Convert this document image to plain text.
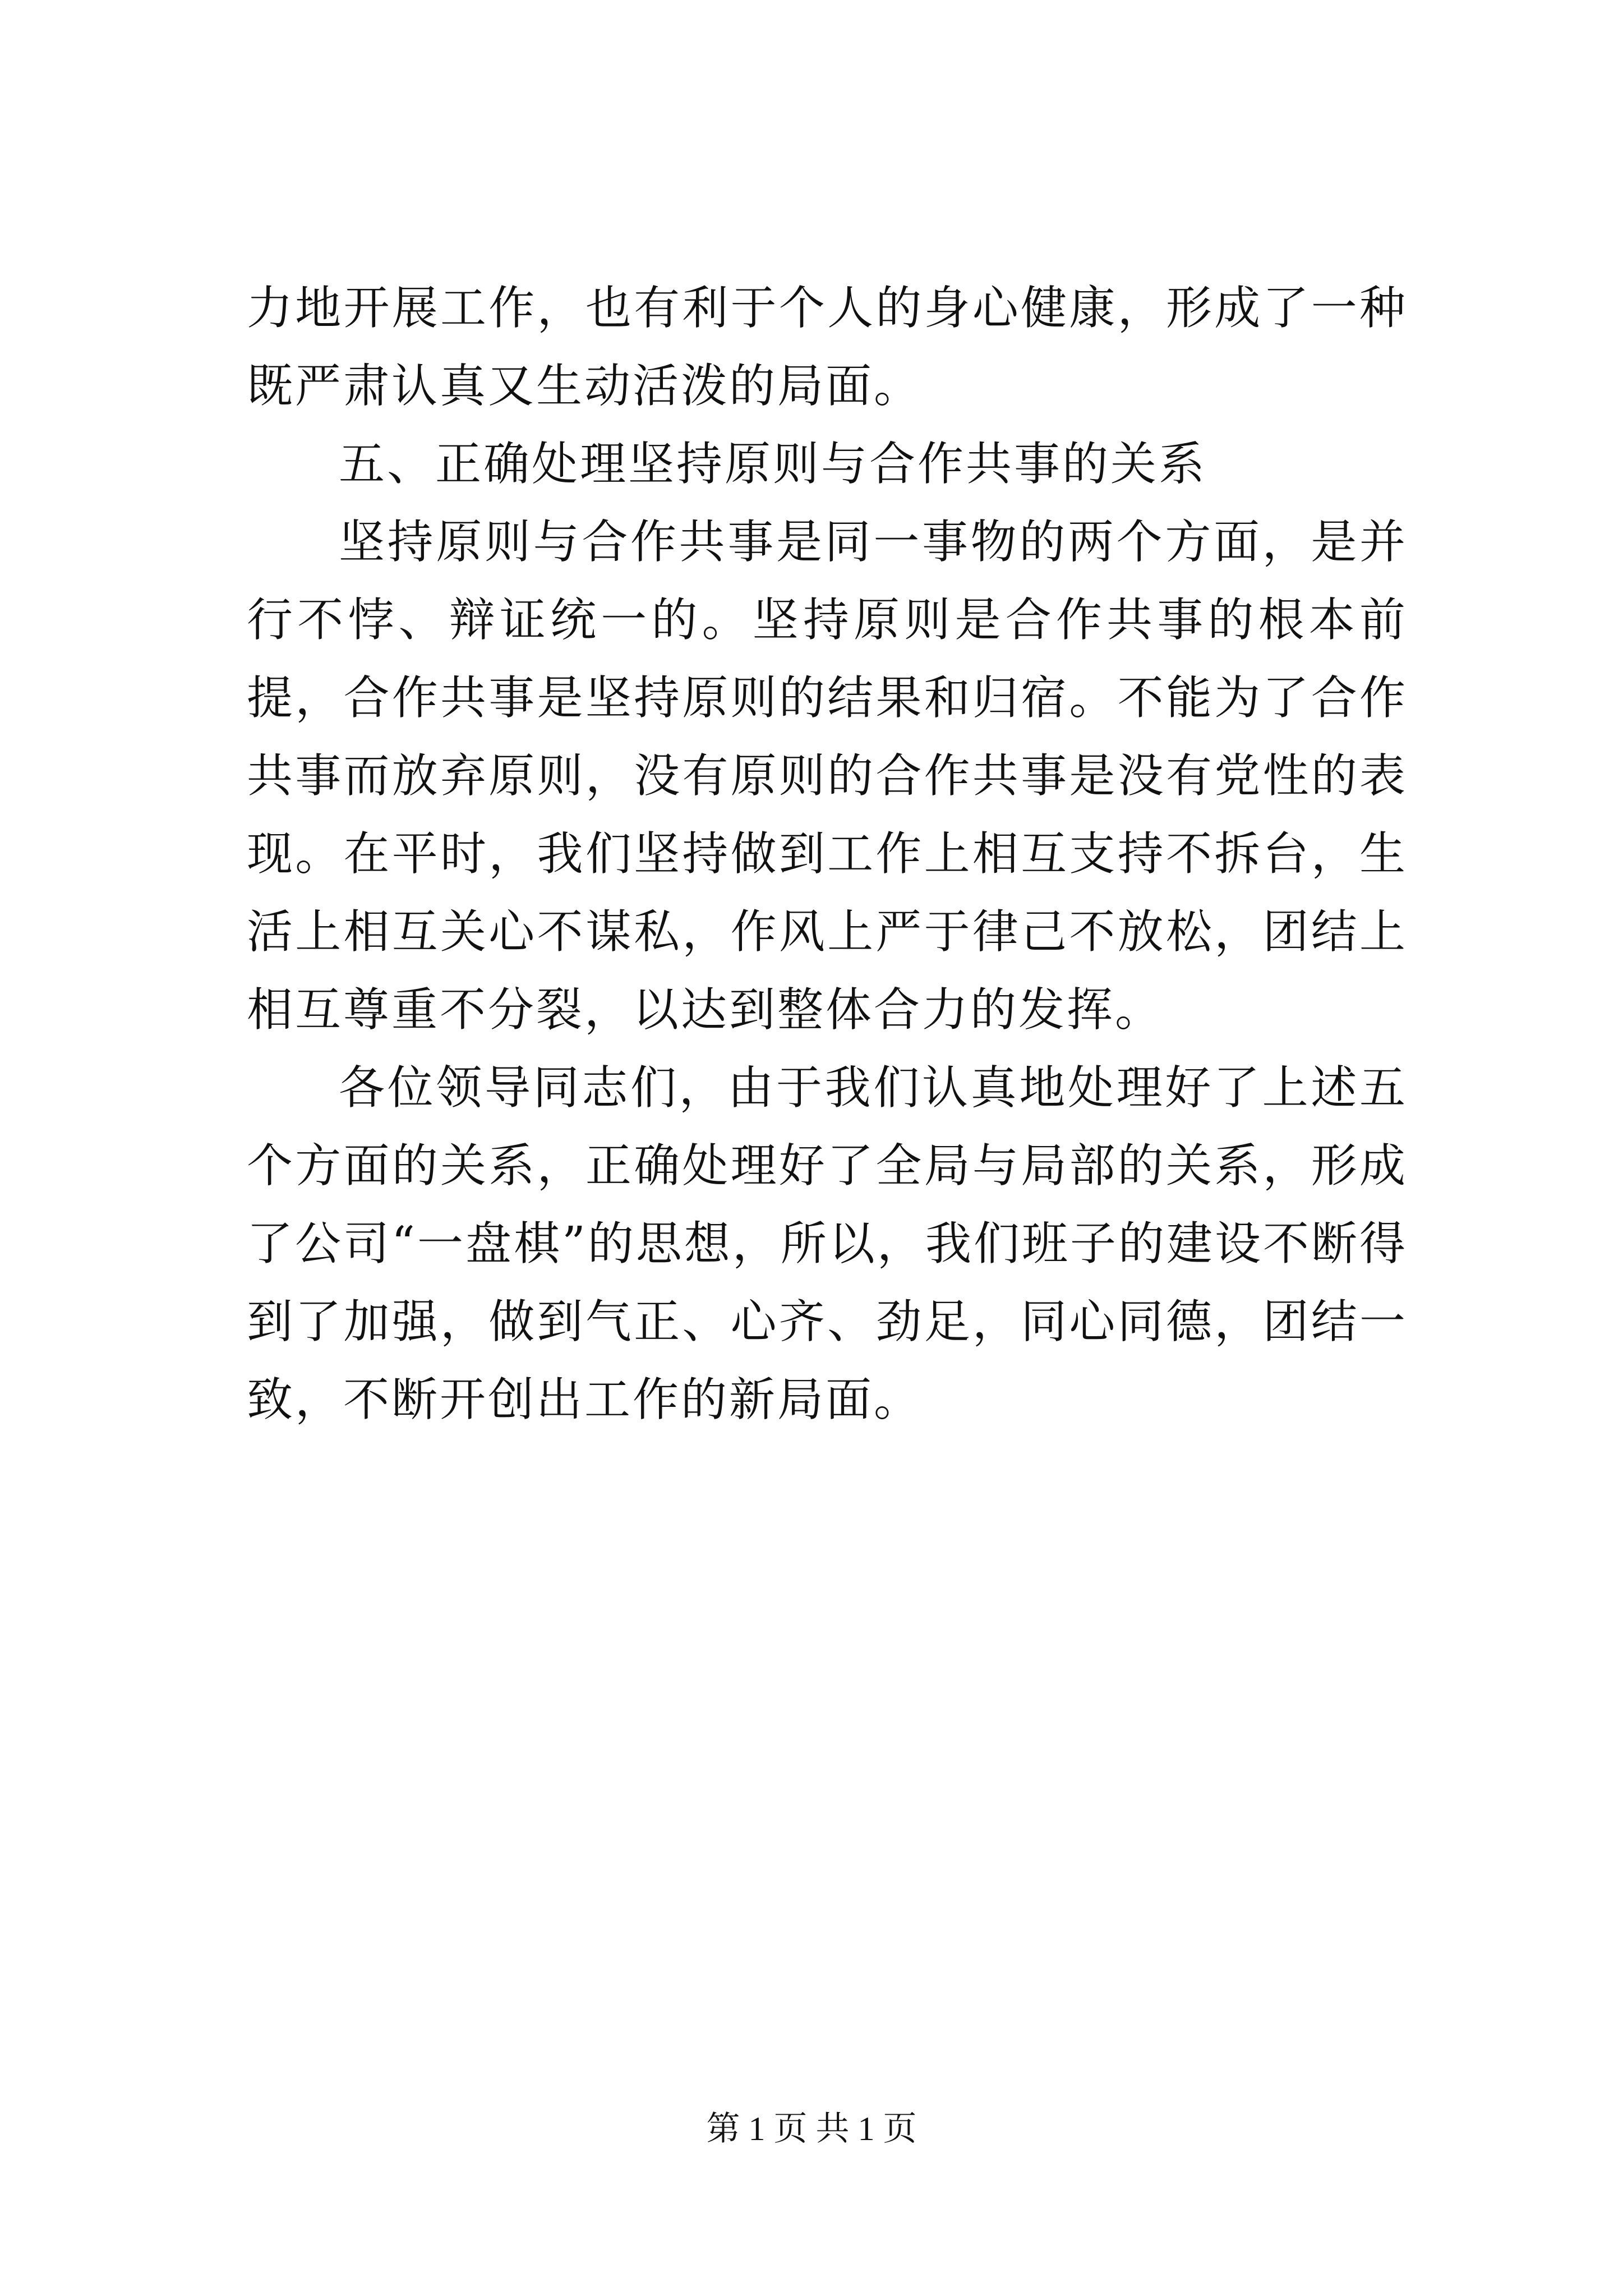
力地开展工作，也有利于个人的身心健康，形成了一种既严肃认真又生动活泼的局面。

五、正确处理坚持原则与合作共事的关系

坚持原则与合作共事是同一事物的两个方面，是并行不悖、辩证统一的。坚持原则是合作共事的根本前提，合作共事是坚持原则的结果和归宿。不能为了合作共事而放弃原则，没有原则的合作共事是没有党性的表现。在平时，我们坚持做到工作上相互支持不拆台，生活上相互关心不谋私，作风上严于律己不放松，团结上相互尊重不分裂，以达到整体合力的发挥。

各位领导同志们，由于我们认真地处理好了上述五个方面的关系，正确处理好了全局与局部的关系，形成了公司“一盘棋”的思想，所以，我们班子的建设不断得到了加强，做到气正、心齐、劲足，同心同德，团结一致，不断开创出工作的新局面。

第 1 页 共 1 页
